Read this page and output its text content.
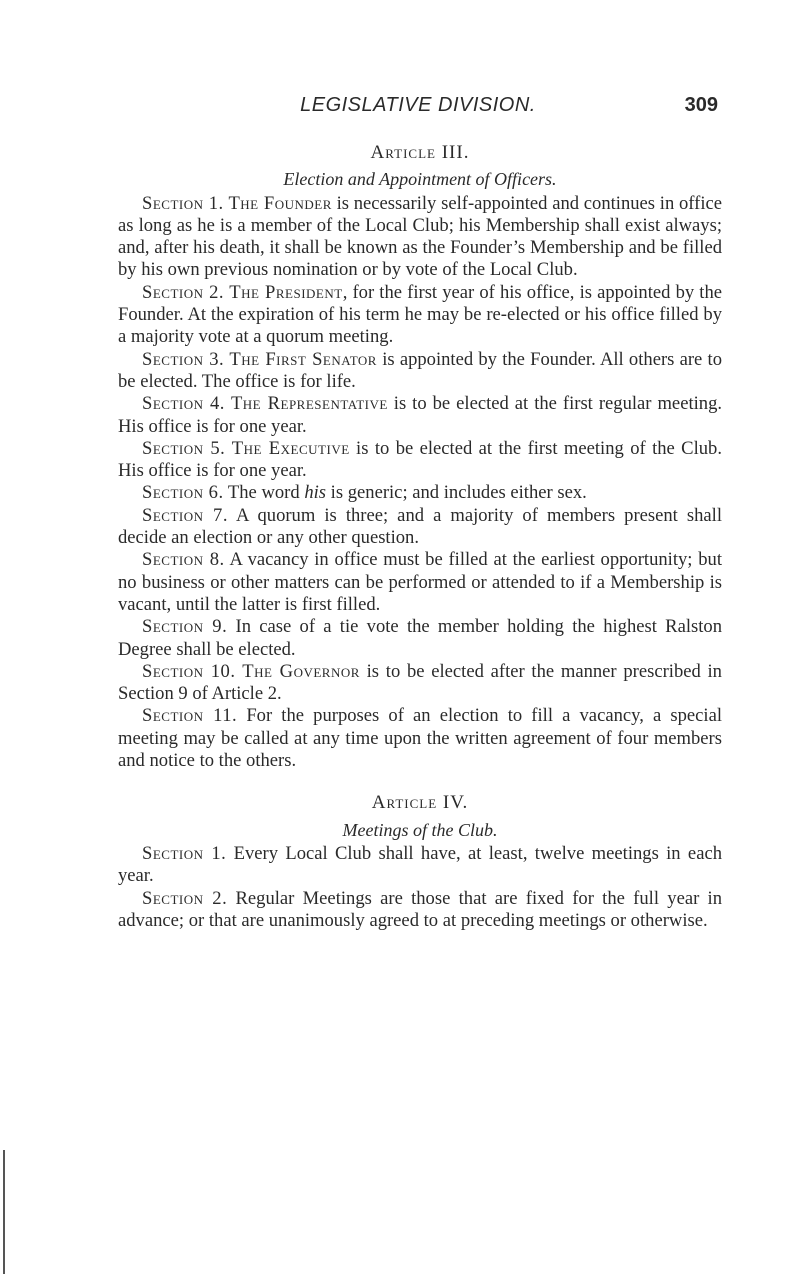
LEGISLATIVE DIVISION.	309

Article III.

Election and Appointment of Officers.

Section 1. The Founder is necessarily self-appointed and continues in office as long as he is a member of the Local Club; his Membership shall exist always; and, after his death, it shall be known as the Founder’s Membership and be filled by his own previous nomination or by vote of the Local Club.

Section 2. The President, for the first year of his office, is appointed by the Founder. At the expiration of his term he may be re-elected or his office filled by a majority vote at a quorum meeting.

Section 3. The First Senator is appointed by the Founder. All others are to be elected. The office is for life.

Section 4. The Representative is to be elected at the first regular meeting. His office is for one year.

Section 5. The Executive is to be elected at the first meeting of the Club. His office is for one year.

Section 6. The word his is generic; and includes either sex.

Section 7. A quorum is three; and a majority of members present shall decide an election or any other question.

Section 8. A vacancy in office must be filled at the earliest opportunity; but no business or other matters can be performed or attended to if a Membership is vacant, until the latter is first filled.

Section 9. In case of a tie vote the member holding the highest Ralston Degree shall be elected.

Section 10. The Governor is to be elected after the manner prescribed in Section 9 of Article 2.

Section 11. For the purposes of an election to fill a vacancy, a special meeting may be called at any time upon the written agreement of four members and notice to the others.

Article IV.

Meetings of the Club.

Section 1. Every Local Club shall have, at least, twelve meetings in each year.

Section 2. Regular Meetings are those that are fixed for the full year in advance; or that are unanimously agreed to at preceding meetings or otherwise.
